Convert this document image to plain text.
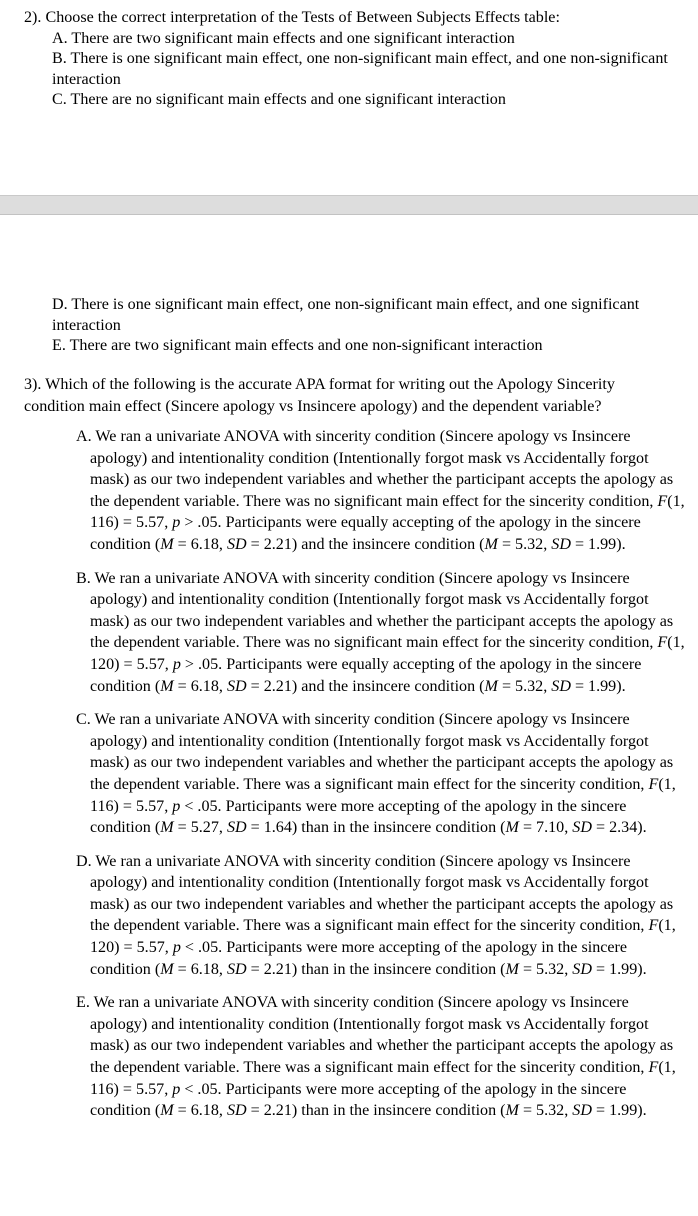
2). Choose the correct interpretation of the Tests of Between Subjects Effects table:

A. There are two significant main effects and one significant interaction

B. There is one significant main effect, one non-significant main effect, and one non-significant interaction

C. There are no significant main effects and one significant interaction

D. There is one significant main effect, one non-significant main effect, and one significant interaction

E. There are two significant main effects and one non-significant interaction

3). Which of the following is the accurate APA format for writing out the Apology Sincerity condition main effect (Sincere apology vs Insincere apology) and the dependent variable?

A. We ran a univariate ANOVA with sincerity condition (Sincere apology vs Insincere apology) and intentionality condition (Intentionally forgot mask vs Accidentally forgot mask) as our two independent variables and whether the participant accepts the apology as the dependent variable. There was no significant main effect for the sincerity condition, F(1, 116) = 5.57, p > .05. Participants were equally accepting of the apology in the sincere condition (M = 6.18, SD = 2.21) and the insincere condition (M = 5.32, SD = 1.99).

B. We ran a univariate ANOVA with sincerity condition (Sincere apology vs Insincere apology) and intentionality condition (Intentionally forgot mask vs Accidentally forgot mask) as our two independent variables and whether the participant accepts the apology as the dependent variable. There was no significant main effect for the sincerity condition, F(1, 120) = 5.57, p > .05. Participants were equally accepting of the apology in the sincere condition (M = 6.18, SD = 2.21) and the insincere condition (M = 5.32, SD = 1.99).

C. We ran a univariate ANOVA with sincerity condition (Sincere apology vs Insincere apology) and intentionality condition (Intentionally forgot mask vs Accidentally forgot mask) as our two independent variables and whether the participant accepts the apology as the dependent variable. There was a significant main effect for the sincerity condition, F(1, 116) = 5.57, p < .05. Participants were more accepting of the apology in the sincere condition (M = 5.27, SD = 1.64) than in the insincere condition (M = 7.10, SD = 2.34).

D. We ran a univariate ANOVA with sincerity condition (Sincere apology vs Insincere apology) and intentionality condition (Intentionally forgot mask vs Accidentally forgot mask) as our two independent variables and whether the participant accepts the apology as the dependent variable. There was a significant main effect for the sincerity condition, F(1, 120) = 5.57, p < .05. Participants were more accepting of the apology in the sincere condition (M = 6.18, SD = 2.21) than in the insincere condition (M = 5.32, SD = 1.99).

E. We ran a univariate ANOVA with sincerity condition (Sincere apology vs Insincere apology) and intentionality condition (Intentionally forgot mask vs Accidentally forgot mask) as our two independent variables and whether the participant accepts the apology as the dependent variable. There was a significant main effect for the sincerity condition, F(1, 116) = 5.57, p < .05. Participants were more accepting of the apology in the sincere condition (M = 6.18, SD = 2.21) than in the insincere condition (M = 5.32, SD = 1.99).
